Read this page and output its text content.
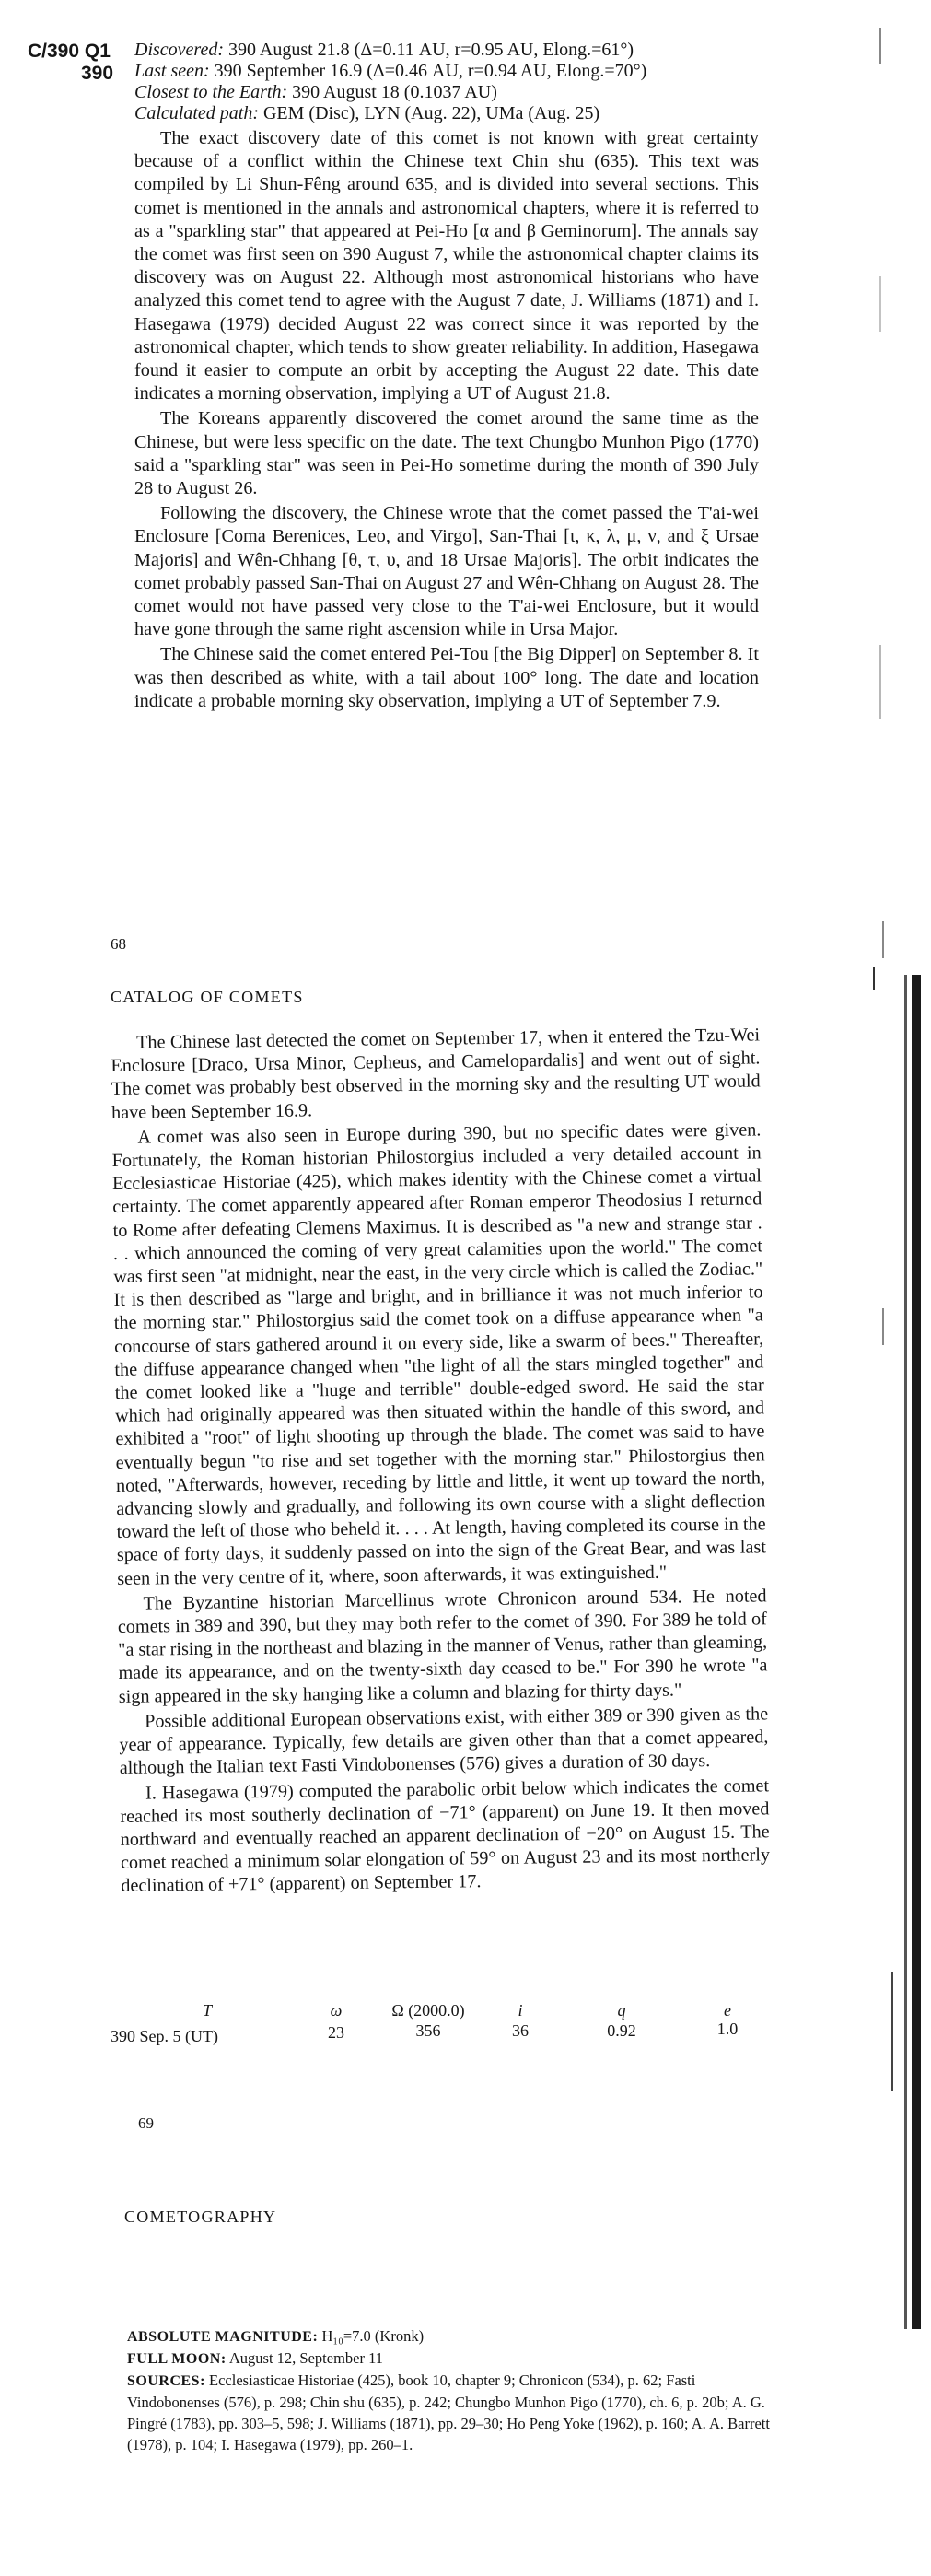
C/390 Q1
390
Discovered: 390 August 21.8 (Δ=0.11 AU, r=0.95 AU, Elong.=61°)
Last seen: 390 September 16.9 (Δ=0.46 AU, r=0.94 AU, Elong.=70°)
Closest to the Earth: 390 August 18 (0.1037 AU)
Calculated path: GEM (Disc), LYN (Aug. 22), UMa (Aug. 25)

The exact discovery date of this comet is not known with great certainty because of a conflict within the Chinese text Chin shu (635). This text was compiled by Li Shun-Fêng around 635, and is divided into several sections. This comet is mentioned in the annals and astronomical chapters, where it is referred to as a "sparkling star" that appeared at Pei-Ho [α and β Geminorum]. The annals say the comet was first seen on 390 August 7, while the astronomical chapter claims its discovery was on August 22. Although most astronomical historians who have analyzed this comet tend to agree with the August 7 date, J. Williams (1871) and I. Hasegawa (1979) decided August 22 was correct since it was reported by the astronomical chapter, which tends to show greater reliability. In addition, Hasegawa found it easier to compute an orbit by accepting the August 22 date. This date indicates a morning observation, implying a UT of August 21.8.

The Koreans apparently discovered the comet around the same time as the Chinese, but were less specific on the date. The text Chungbo Munhon Pigo (1770) said a "sparkling star" was seen in Pei-Ho sometime during the month of 390 July 28 to August 26.

Following the discovery, the Chinese wrote that the comet passed the T'ai-wei Enclosure [Coma Berenices, Leo, and Virgo], San-Thai [ι, κ, λ, μ, ν, and ξ Ursae Majoris] and Wên-Chhang [θ, τ, υ, and 18 Ursae Majoris]. The orbit indicates the comet probably passed San-Thai on August 27 and Wên-Chhang on August 28. The comet would not have passed very close to the T'ai-wei Enclosure, but it would have gone through the same right ascension while in Ursa Major.

The Chinese said the comet entered Pei-Tou [the Big Dipper] on September 8. It was then described as white, with a tail about 100° long. The date and location indicate a probable morning sky observation, implying a UT of September 7.9.

68
CATALOG OF COMETS

The Chinese last detected the comet on September 17, when it entered the Tzu-Wei Enclosure [Draco, Ursa Minor, Cepheus, and Camelopardalis] and went out of sight. The comet was probably best observed in the morning sky and the resulting UT would have been September 16.9.

A comet was also seen in Europe during 390, but no specific dates were given. Fortunately, the Roman historian Philostorgius included a very detailed account in Ecclesiasticae Historiae (425), which makes identity with the Chinese comet a virtual certainty. The comet apparently appeared after Roman emperor Theodosius I returned to Rome after defeating Clemens Maximus. It is described as "a new and strange star . . . which announced the coming of very great calamities upon the world." The comet was first seen "at midnight, near the east, in the very circle which is called the Zodiac." It is then described as "large and bright, and in brilliance it was not much inferior to the morning star." Philostorgius said the comet took on a diffuse appearance when "a concourse of stars gathered around it on every side, like a swarm of bees." Thereafter, the diffuse appearance changed when "the light of all the stars mingled together" and the comet looked like a "huge and terrible" double-edged sword. He said the star which had originally appeared was then situated within the handle of this sword, and exhibited a "root" of light shooting up through the blade. The comet was said to have eventually begun "to rise and set together with the morning star." Philostorgius then noted, "Afterwards, however, receding by little and little, it went up toward the north, advancing slowly and gradually, and following its own course with a slight deflection toward the left of those who beheld it. . . . At length, having completed its course in the space of forty days, it suddenly passed on into the sign of the Great Bear, and was last seen in the very centre of it, where, soon afterwards, it was extinguished."

The Byzantine historian Marcellinus wrote Chronicon around 534. He noted comets in 389 and 390, but they may both refer to the comet of 390. For 389 he told of "a star rising in the northeast and blazing in the manner of Venus, rather than gleaming, made its appearance, and on the twenty-sixth day ceased to be." For 390 he wrote "a sign appeared in the sky hanging like a column and blazing for thirty days."

Possible additional European observations exist, with either 389 or 390 given as the year of appearance. Typically, few details are given other than that a comet appeared, although the Italian text Fasti Vindobonenses (576) gives a duration of 30 days.

I. Hasegawa (1979) computed the parabolic orbit below which indicates the comet reached its most southerly declination of −71° (apparent) on June 19. It then moved northward and eventually reached an apparent declination of −20° on August 15. The comet reached a minimum solar elongation of 59° on August 23 and its most northerly declination of +71° (apparent) on September 17.

T	ω	Ω (2000.0)	i	q	e
390 Sep. 5 (UT)	23	356	36	0.92	1.0
69
COMETOGRAPHY

ABSOLUTE MAGNITUDE: H₁₀=7.0 (Kronk)

FULL MOON: August 12, September 11

SOURCES: Ecclesiasticae Historiae (425), book 10, chapter 9; Chronicon (534), p. 62; Fasti Vindobonenses (576), p. 298; Chin shu (635), p. 242; Chungbo Munhon Pigo (1770), ch. 6, p. 20b; A. G. Pingré (1783), pp. 303–5, 598; J. Williams (1871), pp. 29–30; Ho Peng Yoke (1962), p. 160; A. A. Barrett (1978), p. 104; I. Hasegawa (1979), pp. 260–1.
